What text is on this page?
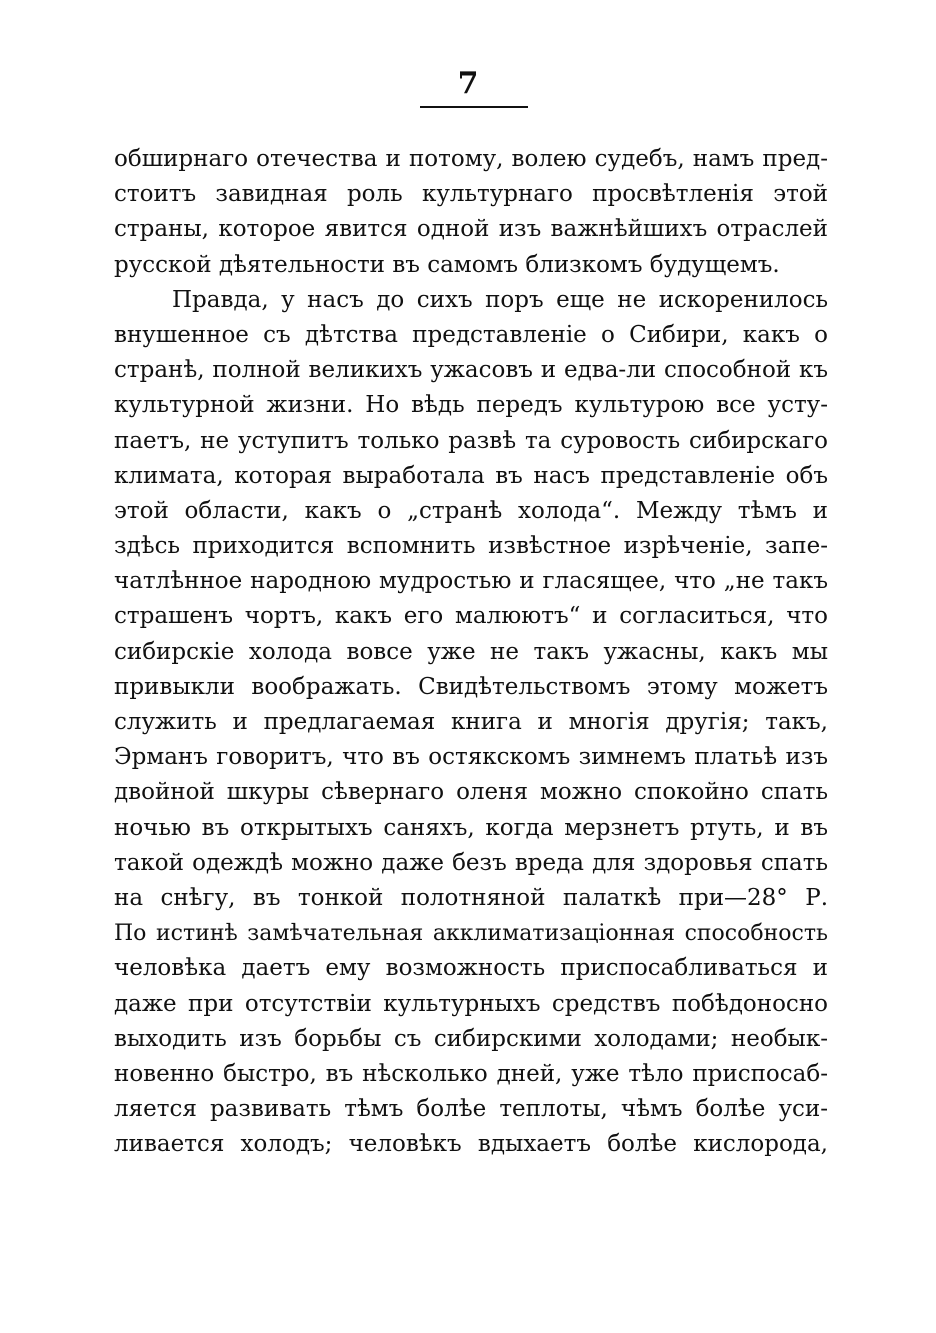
7
обширнаго отечества и потому, волею судебъ, намъ пред-
стоитъ завидная роль культурнаго просвѣтленія этой
страны, которое явится одной изъ важнѣйшихъ отраслей
русской дѣятельности въ самомъ близкомъ будущемъ.
Правда, у насъ до сихъ поръ еще не искоренилось
внушенное съ дѣтства представленіе о Сибири, какъ о
странѣ, полной великихъ ужасовъ и едва-ли способной къ
культурной жизни. Но вѣдь передъ культурою все усту-
паетъ, не уступитъ только развѣ та суровость сибирскаго
климата, которая выработала въ насъ представленіе объ
этой области, какъ о „странѣ холода“. Между тѣмъ и
здѣсь приходится вспомнить извѣстное изрѣченіе, запе-
чатлѣнное народною мудростью и гласящее, что „не такъ
страшенъ чортъ, какъ его малюютъ“ и согласиться, что
сибирскіе холода вовсе уже не такъ ужасны, какъ мы
привыкли воображать. Свидѣтельствомъ этому можетъ
служить и предлагаемая книга и многія другія; такъ,
Эрманъ говоритъ, что въ остякскомъ зимнемъ платьѣ изъ
двойной шкуры сѣвернаго оленя можно спокойно спать
ночью въ открытыхъ саняхъ, когда мерзнетъ ртуть, и въ
такой одеждѣ можно даже безъ вреда для здоровья спать
на снѣгу, въ тонкой полотняной палаткѣ при—28° Р.
По истинѣ замѣчательная акклиматизаціонная способность
человѣка даетъ ему возможность приспосабливаться и
даже при отсутствіи культурныхъ средствъ побѣдоносно
выходить изъ борьбы съ сибирскими холодами; необык-
новенно быстро, въ нѣсколько дней, уже тѣло приспосаб-
ляется развивать тѣмъ болѣе теплоты, чѣмъ болѣе уси-
ливается холодъ; человѣкъ вдыхаетъ болѣе кислорода,
